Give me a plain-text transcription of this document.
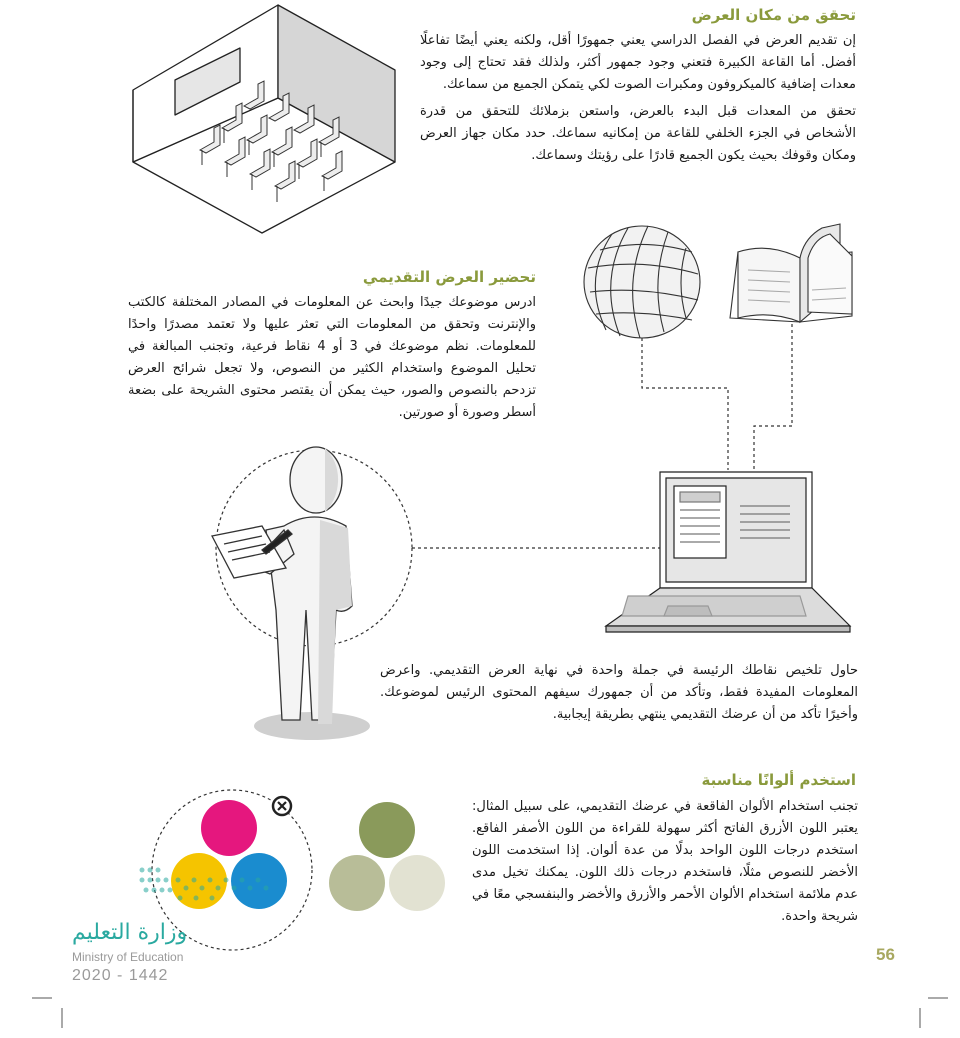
تحقق من مكان العرض
إن تقديم العرض في الفصل الدراسي يعني جمهورًا أقل، ولكنه يعني أيضًا تفاعلًا أفضل. أما القاعة الكبيرة فتعني وجود جمهور أكثر، ولذلك فقد تحتاج إلى وجود معدات إضافية كالميكروفون ومكبرات الصوت لكي يتمكن الجميع من سماعك.
تحقق من المعدات قبل البدء بالعرض، واستعن بزملائك للتحقق من قدرة الأشخاص في الجزء الخلفي للقاعة من إمكانيه سماعك. حدد مكان جهاز العرض ومكان وقوفك بحيث يكون الجميع قادرًا على رؤيتك وسماعك.
تحضير العرض التقديمي
ادرس موضوعك جيدًا وابحث عن المعلومات في المصادر المختلفة كالكتب والإنترنت وتحقق من المعلومات التي تعثر عليها ولا تعتمد مصدرًا واحدًا للمعلومات. نظم موضوعك في 3 أو 4 نقاط فرعية، وتجنب المبالغة في تحليل الموضوع واستخدام الكثير من النصوص، ولا تجعل شرائح العرض تزدحم بالنصوص والصور، حيث يمكن أن يقتصر محتوى الشريحة على بضعة أسطر وصورة أو صورتين.
حاول تلخيص نقاطك الرئيسة في جملة واحدة في نهاية العرض التقديمي. واعرض المعلومات المفيدة فقط، وتأكد من أن جمهورك سيفهم المحتوى الرئيس لموضوعك. وأخيرًا تأكد من أن عرضك التقديمي ينتهي بطريقة إيجابية.
استخدم ألوانًا مناسبة
تجنب استخدام الألوان الفاقعة في عرضك التقديمي، على سبيل المثال: يعتبر اللون الأزرق الفاتح أكثر سهولة للقراءة من اللون الأصفر الفاقع. استخدم درجات اللون الواحد بدلًا من عدة ألوان. إذا استخدمت اللون الأخضر للنصوص مثلًا، فاستخدم درجات ذلك اللون. يمكنك تخيل مدى عدم ملائمة استخدام الألوان الأحمر والأزرق والأخضر والبنفسجي معًا في شريحة واحدة.
وزارة التعليم
Ministry of Education
2020 - 1442
56
